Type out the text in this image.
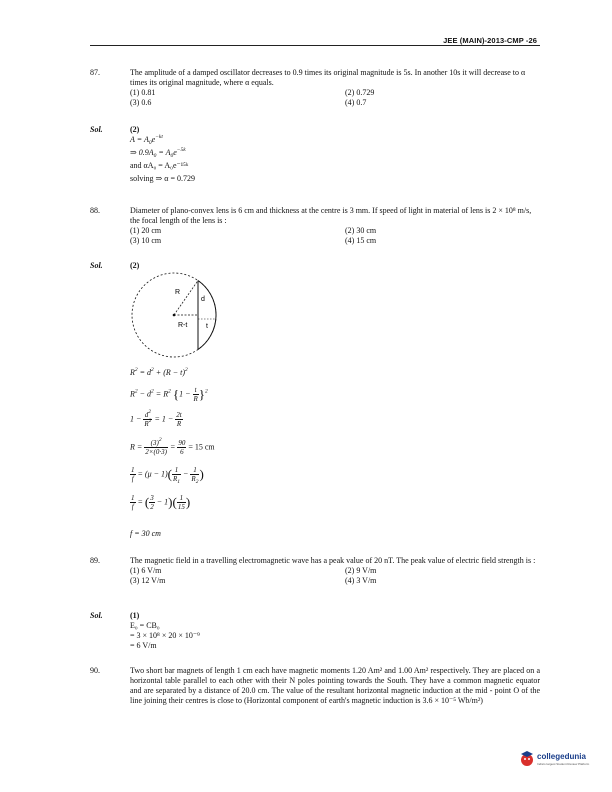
JEE (MAIN)-2013-CMP -26
87.	The amplitude of a damped oscillator decreases to 0.9 times its original magnitude is 5s. In another 10s it will decrease to α times its original magnitude, where α equals.
(1) 0.81	(2) 0.729
(3) 0.6	(4) 0.7
Sol.	(2)
$A = A_0e^{-kt}$
⇒ $0.9A_0 = A_0e^{-5k}$
and αA₀ = A₀e⁻¹⁵ᵏ
solving ⇒ α = 0.729
88.	Diameter of plano-convex lens is 6 cm and thickness at the centre is 3 mm. If speed of light in material of lens is 2 × 10⁸ m/s, the focal length of the lens is :
(1) 20 cm	(2) 30 cm
(3) 10 cm	(4) 15 cm
Sol.	(2)
R
d
R-t	t
$R^2 = d^2 + (R - t)^2$
$R^2 - d^2 = R^2$ $\{1 - \frac{t}{R} \}^2$
$1 - \frac{d^2}{R^2} = 1 - \frac{2t}{R}$
$R = \frac{(3)^2}{2\times(0\cdot 3)} = \frac{90}{6} = 15$ cm
$\frac{1}{f} = (\mu - 1)( \frac{1}{R_1} - \frac{1}{R_2}$ )
$\frac{1}{f}$ = ( $\frac{3}{2} - 1)( \frac{1}{15}$ )
f = 30 cm
89.	The magnetic field in a travelling electromagnetic wave has a peak value of 20 nT. The peak value of electric field strength is :
(1) 6 V/m	(2) 9 V/m
(3) 12 V/m	(4) 3 V/m
Sol.	(1)
E₀ = CB₀
= 3 × 10⁸ × 20 × 10⁻⁹
= 6 V/m
90.	Two short bar magnets of length 1 cm each have magnetic moments 1.20 Am² and 1.00 Am² respectively. They are placed on a horizontal table parallel to each other with their N poles pointing towards the South. They have a common magnetic equator and are separated by a distance of 20.0 cm. The value of the resultant horizontal magnetic induction at the mid - point O of the line joining their centres is close to (Horizontal component of earth's magnetic induction is 3.6 × 10⁻⁵ Wb/m²)
collegedunia
India's largest Student Review Platform
